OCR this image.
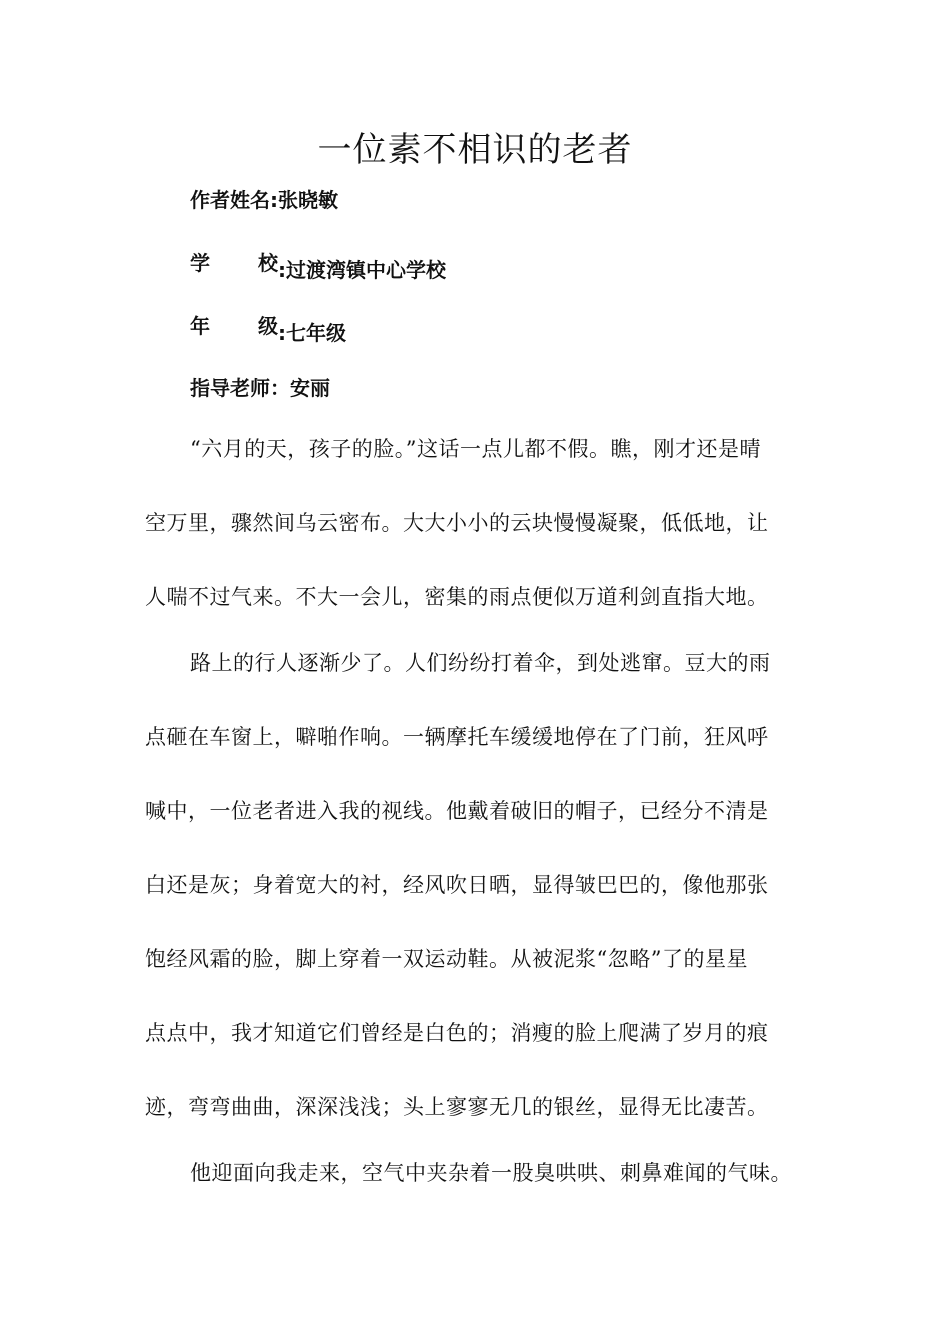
一位素不相识的老者
作者姓名:张晓敏
学 校 :过渡湾镇中心学校
年 级 :七年级
指导老师：安丽
“六月的天，孩子的脸。”这话一点儿都不假。瞧，刚才还是晴
空万里，骤然间乌云密布。大大小小的云块慢慢凝聚，低低地，让
人喘不过气来。不大一会儿，密集的雨点便似万道利剑直指大地。
路上的行人逐渐少了。人们纷纷打着伞，到处逃窜。豆大的雨
点砸在车窗上，噼啪作响。一辆摩托车缓缓地停在了门前，狂风呼
喊中，一位老者进入我的视线。他戴着破旧的帽子，已经分不清是
白还是灰；身着宽大的衬，经风吹日晒，显得皱巴巴的，像他那张
饱经风霜的脸，脚上穿着一双运动鞋。从被泥浆“忽略”了的星星
点点中，我才知道它们曾经是白色的；消瘦的脸上爬满了岁月的痕
迹，弯弯曲曲，深深浅浅；头上寥寥无几的银丝，显得无比凄苦。
他迎面向我走来，空气中夹杂着一股臭哄哄、刺鼻难闻的气味。
